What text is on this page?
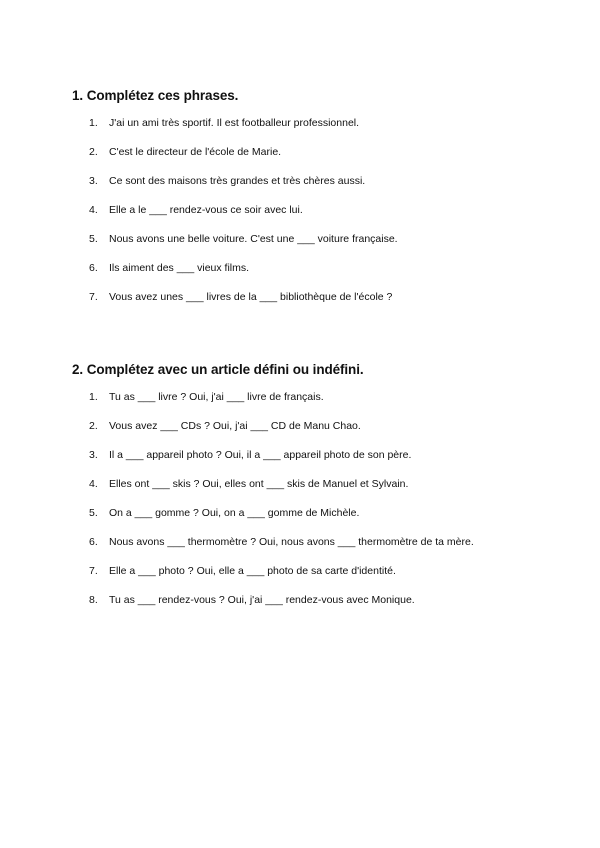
1. Complétez ces phrases.
1.	J'ai un ami très sportif. Il est footballeur professionnel.
2.	C'est le directeur de l'école de Marie.
3.	Ce sont des maisons très grandes et très chères aussi.
4.	Elle a le ___ rendez-vous ce soir avec lui.
5.	Nous avons une belle voiture. C'est une ___ voiture française.
6.	Ils aiment des ___ vieux films.
7.	Vous avez unes ___ livres de la ___ bibliothèque de l'école ?
2. Complétez avec un article défini ou indéfini.
1.	Tu as ___ livre ? Oui, j'ai ___ livre de français.
2.	Vous avez ___ CDs ? Oui, j'ai ___ CD de Manu Chao.
3.	Il a ___ appareil photo ? Oui, il a ___ appareil photo de son père.
4.	Elles ont ___ skis ? Oui, elles ont ___ skis de Manuel et Sylvain.
5.	On a ___ gomme ? Oui, on a ___ gomme de Michèle.
6.	Nous avons ___ thermomètre ? Oui, nous avons ___ thermomètre de ta mère.
7.	Elle a ___ photo ? Oui, elle a ___ photo de sa carte d'identité.
8.	Tu as ___ rendez-vous ? Oui, j'ai ___ rendez-vous avec Monique.
